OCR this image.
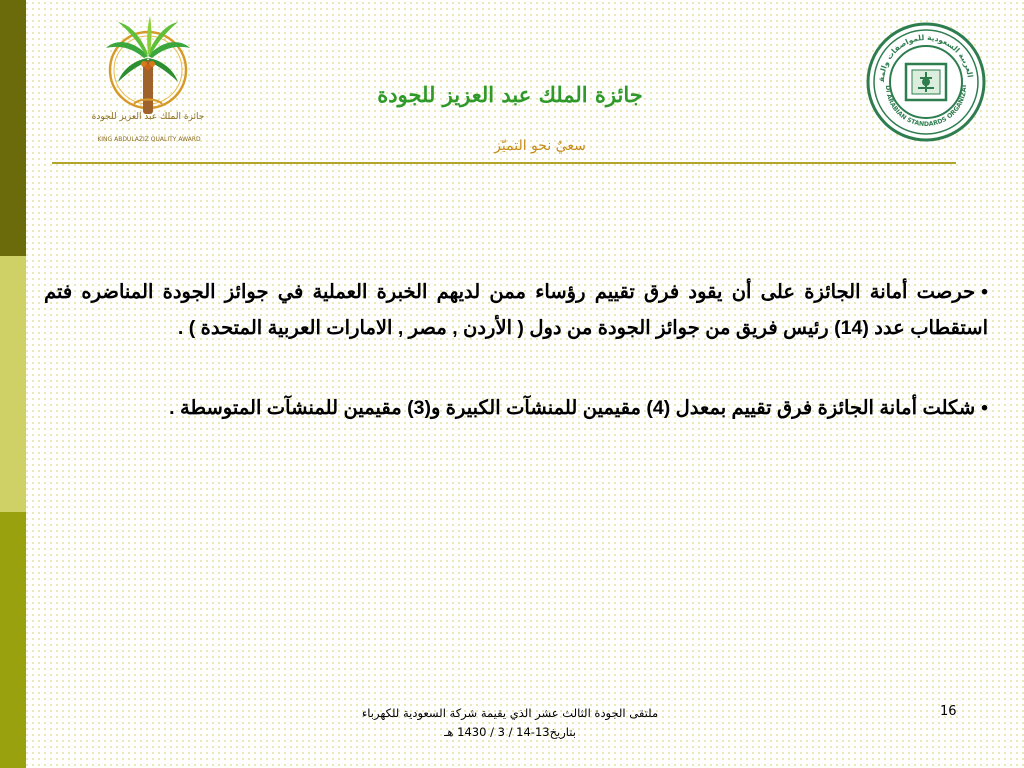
جائزة الملك عبد العزيز للجودة
KING ABDULAZIZ QUALITY AWARD
العربية السعودية للمواصفات والمق
DI ARABIAN STANDARDS ORGANIZAT
جائزة الملك عبد العزيز للجودة
سعيٌ نحو التميّز

•حرصت أمانة الجائزة على أن يقود فرق تقييم رؤساء ممن لديهم الخبرة العملية في جوائز الجودة المناضره فتم استقطاب عدد (14) رئيس فريق من جوائز الجودة من دول ( الأردن , مصر , الامارات العربية المتحدة ) .

•شكلت أمانة الجائزة فرق تقييم بمعدل (4) مقيمين للمنشآت الكبيرة و(3) مقيمين للمنشآت المتوسطة .

ملتقى الجودة الثالث عشر الذي يقيمة شركة السعودية للكهرباء
بتاريخ13-14 / 3 / 1430 هـ
16
